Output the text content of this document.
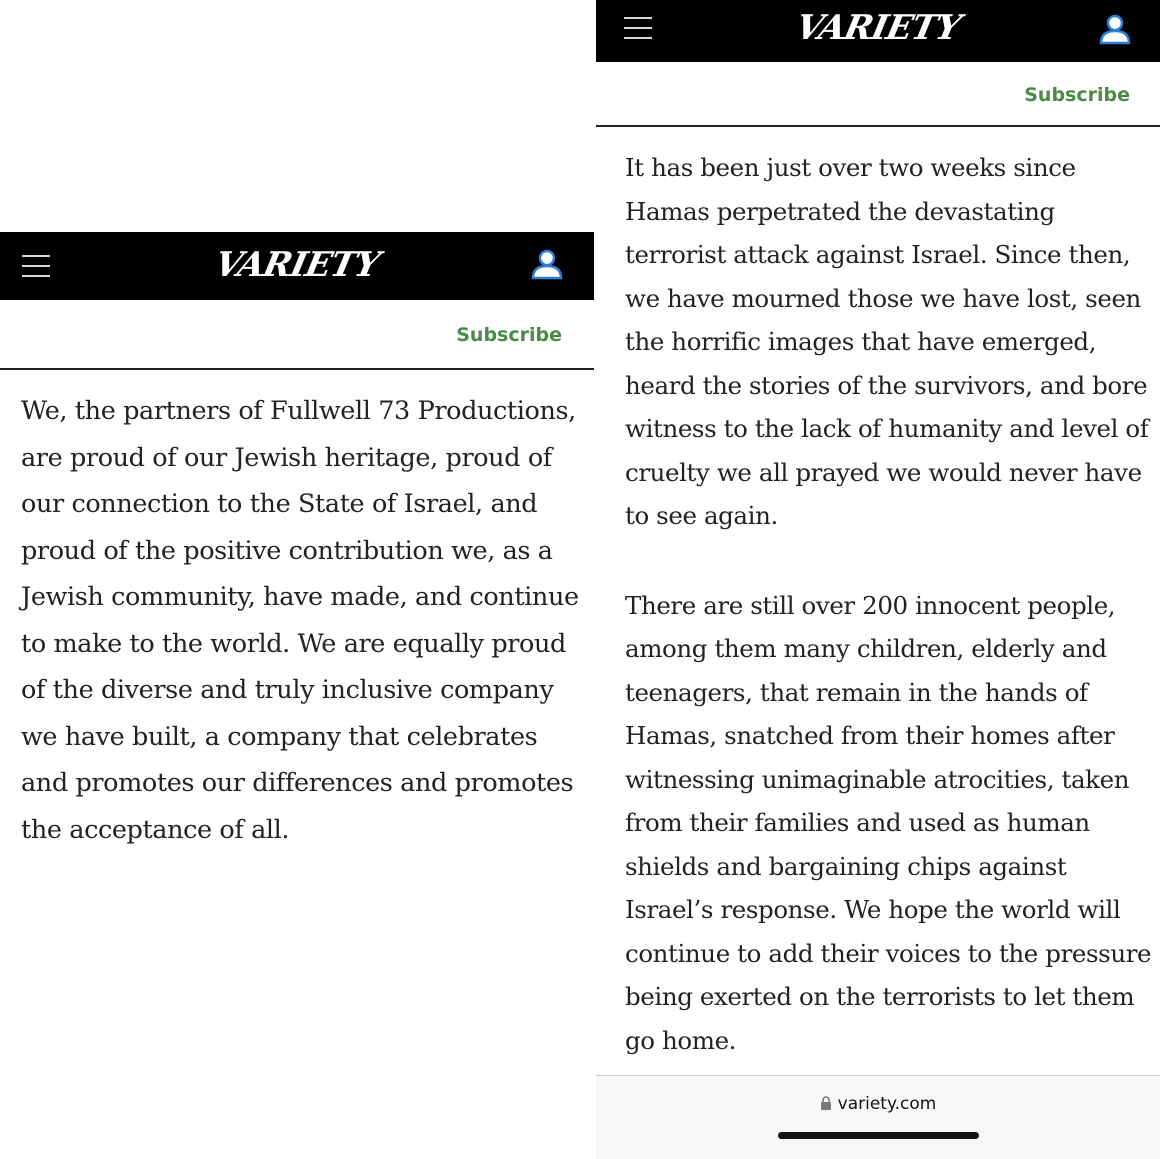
VARIETY
Subscribe

We, the partners of Fullwell 73 Productions, are proud of our Jewish heritage, proud of our connection to the State of Israel, and proud of the positive contribution we, as a Jewish community, have made, and continue to make to the world. We are equally proud of the diverse and truly inclusive company we have built, a company that celebrates and promotes our differences and promotes the acceptance of all.

VARIETY
Subscribe

It has been just over two weeks since Hamas perpetrated the devastating terrorist attack against Israel. Since then, we have mourned those we have lost, seen the horrific images that have emerged, heard the stories of the survivors, and bore witness to the lack of humanity and level of cruelty we all prayed we would never have to see again.

There are still over 200 innocent people, among them many children, elderly and teenagers, that remain in the hands of Hamas, snatched from their homes after witnessing unimaginable atrocities, taken from their families and used as human shields and bargaining chips against Israel’s response. We hope the world will continue to add their voices to the pressure being exerted on the terrorists to let them go home.

variety.com
